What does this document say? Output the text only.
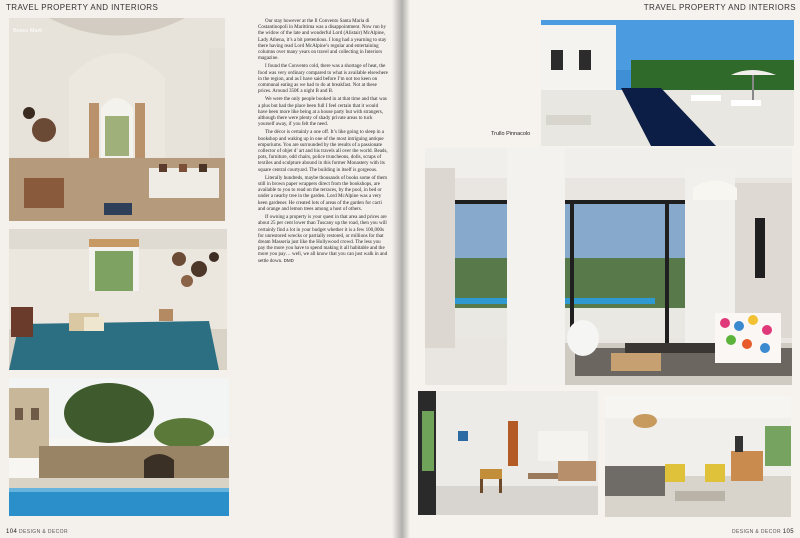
TRAVEL PROPERTY AND INTERIORS
Bosco Marti

Our stay however at the Il Convento Santa Maria di Costantinopoli in Marittima was a disappointment. Now run by the widow of the late and wonderful Lord (Alistair) McAlpine, Lady Athena, it’s a bit pretentious. I long had a yearning to stay there having read Lord McAlpine’s regular and entertaining columns over many years on travel and collecting in Interiors magazine.

I found the Convento cold, there was a shortage of heat, the food was very ordinary compared to what is available elsewhere in the region, and as I have said before I’m not too keen on communal eating as we had to do at breakfast. Not at these prices. Around 350€ a night B and B.

We were the only people booked in at that time and that was a plus but had the place been full I feel certain that it would have been more like being at a house party but with strangers, although there were plenty of shady private areas to tuck yourself away, if you felt the need.

The décor is certainly a one off. It’s like going to sleep in a bookshop and waking up in one of the most intriguing antique emporiums. You are surrounded by the results of a passionate collector of objet d’ art and his travels all over the world. Beads, pots, furniture, odd chairs, police truncheons, dolls, scraps of textiles and sculpture abound in this former Monastery with its square central courtyard. The building in itself is gorgeous.

Literally hundreds, maybe thousands of books some of them still in brown paper wrappers direct from the bookshops, are available to you to read on the terraces, by the pool, in bed or under a nearby tree in the garden. Lord McAlpine was a very keen gardener. He created lots of areas of the garden for cacti and orange and lemon trees among a host of others.

If owning a property is your quest in that area and prices are about 25 per cent lower than Tuscany up the road, then you will certainly find a lot in your budget whether it is a few 100,000s for unrestored wrecks or partially restored, or millions for that dream Masseria just like the Hollywood crowd. The less you pay the more you have to spend making it all habitable and the more you pay… well, we all know that you can just walk in and settle down. DMD

104 DESIGN & DECOR
TRAVEL PROPERTY AND INTERIORS
Trullo Pinnacolo
DESIGN & DECOR 105
